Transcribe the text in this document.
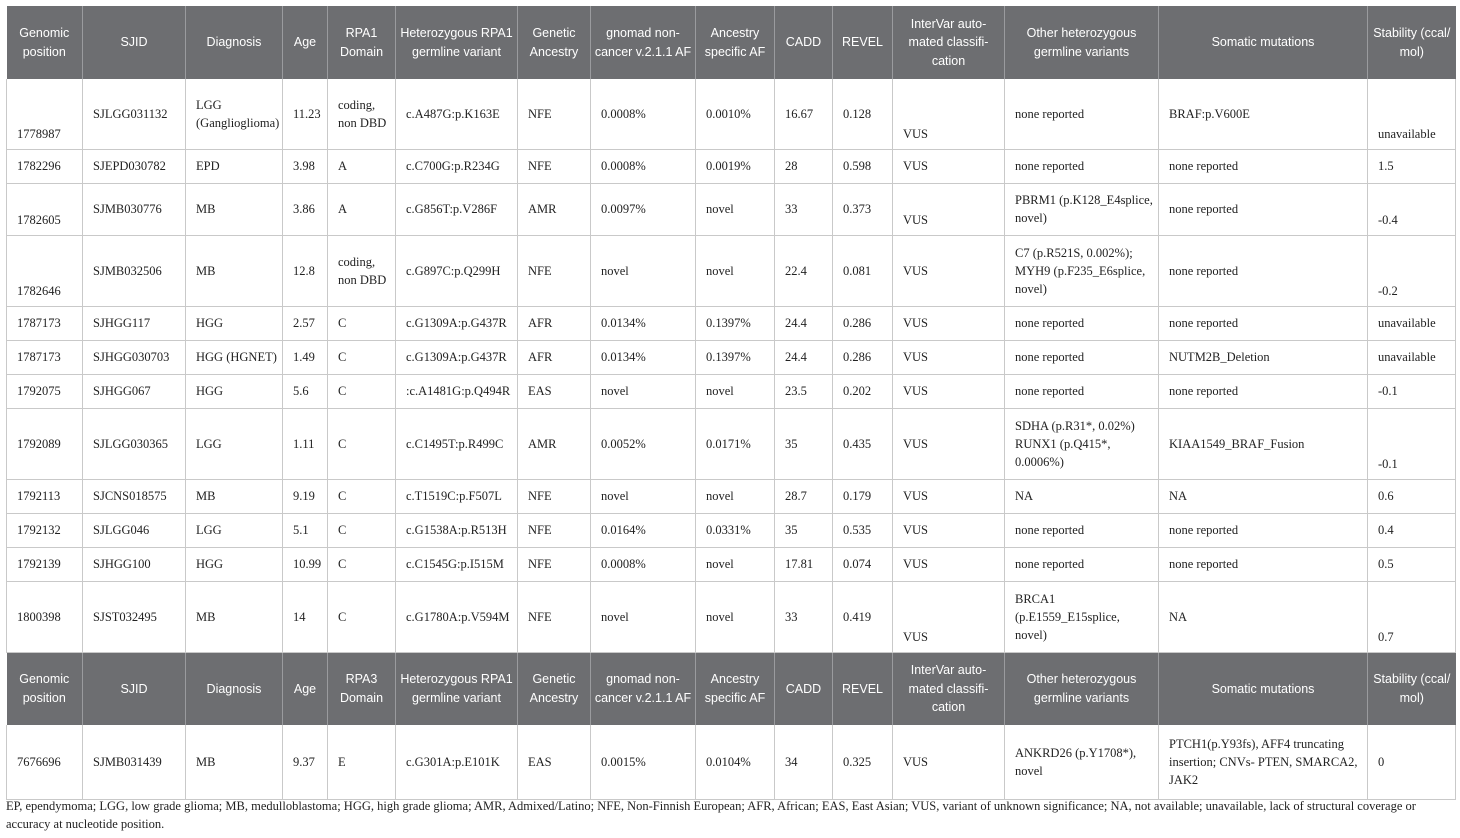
Genomic position	SJID	Diagnosis	Age	RPA1 Domain	Heterozygous RPA1 germline variant	Genetic Ancestry	gnomad non-cancer v.2.1.1 AF	Ancestry specific AF	CADD	REVEL	InterVar auto-mated classifi-cation	Other heterozygous germline variants	Somatic mutations	Stability (ccal/ mol)
1778987	SJLGG031132	LGG (Ganglioglioma)	11.23	coding, non DBD	c.A487G:p.K163E	NFE	0.0008%	0.0010%	16.67	0.128	VUS	none reported	BRAF:p.V600E	unavailable
1782296	SJEPD030782	EPD	3.98	A	c.C700G:p.R234G	NFE	0.0008%	0.0019%	28	0.598	VUS	none reported	none reported	1.5
1782605	SJMB030776	MB	3.86	A	c.G856T:p.V286F	AMR	0.0097%	novel	33	0.373	VUS	PBRM1 (p.K128_E4splice, novel)	none reported	-0.4
1782646	SJMB032506	MB	12.8	coding, non DBD	c.G897C:p.Q299H	NFE	novel	novel	22.4	0.081	VUS	C7 (p.R521S, 0.002%); MYH9 (p.F235_E6splice, novel)	none reported	-0.2
1787173	SJHGG117	HGG	2.57	C	c.G1309A:p.G437R	AFR	0.0134%	0.1397%	24.4	0.286	VUS	none reported	none reported	unavailable
1787173	SJHGG030703	HGG (HGNET)	1.49	C	c.G1309A:p.G437R	AFR	0.0134%	0.1397%	24.4	0.286	VUS	none reported	NUTM2B_Deletion	unavailable
1792075	SJHGG067	HGG	5.6	C	:c.A1481G:p.Q494R	EAS	novel	novel	23.5	0.202	VUS	none reported	none reported	-0.1
1792089	SJLGG030365	LGG	1.11	C	c.C1495T:p.R499C	AMR	0.0052%	0.0171%	35	0.435	VUS	SDHA (p.R31*, 0.02%) RUNX1 (p.Q415*, 0.0006%)	KIAA1549_BRAF_Fusion	-0.1
1792113	SJCNS018575	MB	9.19	C	c.T1519C:p.F507L	NFE	novel	novel	28.7	0.179	VUS	NA	NA	0.6
1792132	SJLGG046	LGG	5.1	C	c.G1538A:p.R513H	NFE	0.0164%	0.0331%	35	0.535	VUS	none reported	none reported	0.4
1792139	SJHGG100	HGG	10.99	C	c.C1545G:p.I515M	NFE	0.0008%	novel	17.81	0.074	VUS	none reported	none reported	0.5
1800398	SJST032495	MB	14	C	c.G1780A:p.V594M	NFE	novel	novel	33	0.419	VUS	BRCA1 (p.E1559_E15splice, novel)	NA	0.7
Genomic position	SJID	Diagnosis	Age	RPA3 Domain	Heterozygous RPA1 germline variant	Genetic Ancestry	gnomad non-cancer v.2.1.1 AF	Ancestry specific AF	CADD	REVEL	InterVar auto-mated classifi-cation	Other heterozygous germline variants	Somatic mutations	Stability (ccal/ mol)
7676696	SJMB031439	MB	9.37	E	c.G301A:p.E101K	EAS	0.0015%	0.0104%	34	0.325	VUS	ANKRD26 (p.Y1708*), novel	PTCH1(p.Y93fs), AFF4 truncating insertion; CNVs- PTEN, SMARCA2, JAK2	0
EP, ependymoma; LGG, low grade glioma; MB, medulloblastoma; HGG, high grade glioma; AMR, Admixed/Latino; NFE, Non-Finnish European; AFR, African; EAS, East Asian; VUS, variant of unknown significance; NA, not available; unavailable, lack of structural coverage or accuracy at nucleotide position.
